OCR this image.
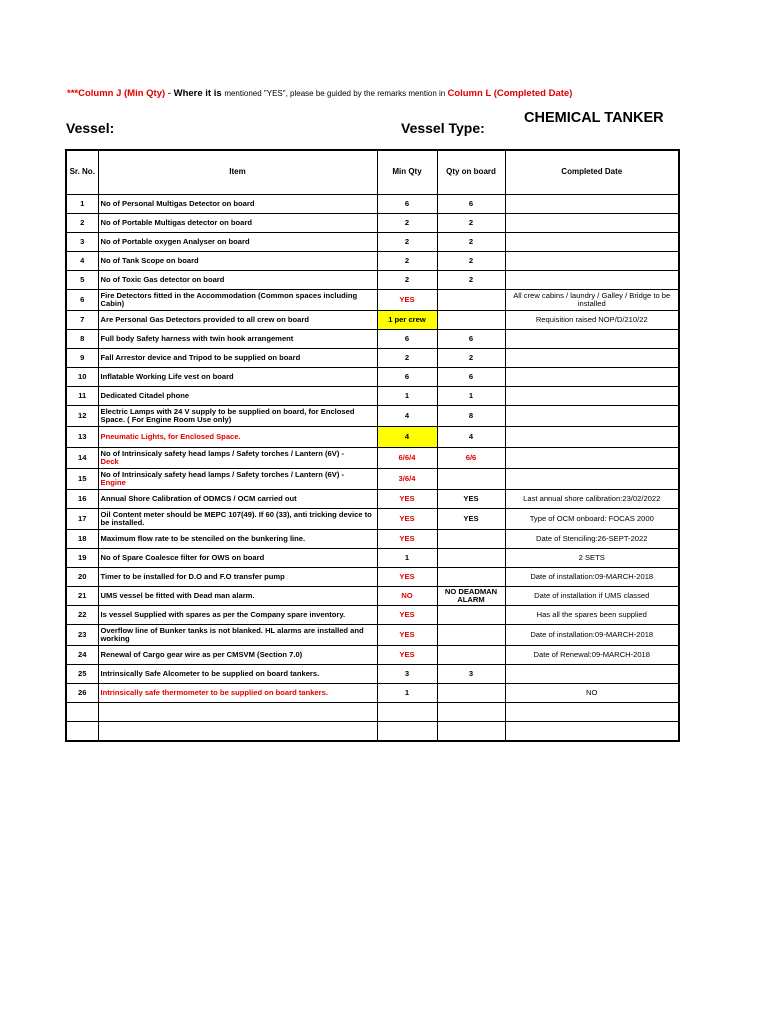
***Column J (Min Qty) - Where it is mentioned "YES", please be guided by the remarks mention in Column L (Completed Date)
Vessel:	Vessel Type:
CHEMICAL TANKER
Sr. No.	Item	Min Qty	Qty on board	Completed Date
1	No of Personal Multigas Detector on board	6	6	
2	No of Portable Multigas detector on board	2	2	
3	No of Portable oxygen Analyser on board	2	2	
4	No of Tank Scope on board	2	2	
5	No of Toxic Gas detector on board	2	2	
6	Fire Detectors fitted in the Accommodation (Common spaces including Cabin)	YES		All crew cabins / laundry / Galley / Bridge to be installed
7	Are Personal Gas Detectors provided to all crew on board	1 per crew		Requisition raised NOP/D/210/22
8	Full body Safety harness with twin hook arrangement	6	6	
9	Fall Arrestor device and Tripod to be supplied on board	2	2	
10	Inflatable Working Life vest on board	6	6	
11	Dedicated Citadel phone	1	1	
12	Electric Lamps with 24 V supply to be supplied on board, for Enclosed Space. ( For Engine Room Use only)	4	8	
13	Pneumatic Lights, for Enclosed Space.	4	4	
14	No of Intrinsicaly safety head lamps / Safety torches / Lantern (6V) -
Deck	6/6/4	6/6	
15	No of Intrinsicaly safety head lamps / Safety torches / Lantern (6V) -
Engine	3/6/4		
16	Annual Shore Calibration of ODMCS / OCM carried out	YES	YES	Last annual shore calibration:23/02/2022
17	Oil Content meter should be MEPC 107(49). If 60 (33), anti tricking device to be installed.	YES	YES	Type of OCM onboard: FOCAS 2000
18	Maximum flow rate to be stenciled on the bunkering line.	YES		Date of Stenciling:26-SEPT-2022
19	No of Spare Coalesce filter for OWS on board	1		2 SETS
20	Timer to be installed for D.O and F.O transfer pump	YES		Date of installation:09-MARCH-2018
21	UMS vessel be fitted with Dead man alarm.	NO	NO DEADMAN ALARM	Date of installation if UMS classed
22	Is vessel Supplied with spares as per the Company spare inventory.	YES		Has all the spares been supplied
23	Overflow line of Bunker tanks is not blanked. HL alarms are installed and working	YES		Date of installation:09-MARCH-2018
24	Renewal of Cargo gear wire as per CMSVM (Section 7.0)	YES		Date of Renewal:09-MARCH-2018
25	Intrinsically Safe Alcometer to be supplied on board tankers.	3	3	
26	Intrinsically safe thermometer to be supplied on board tankers.	1		NO
